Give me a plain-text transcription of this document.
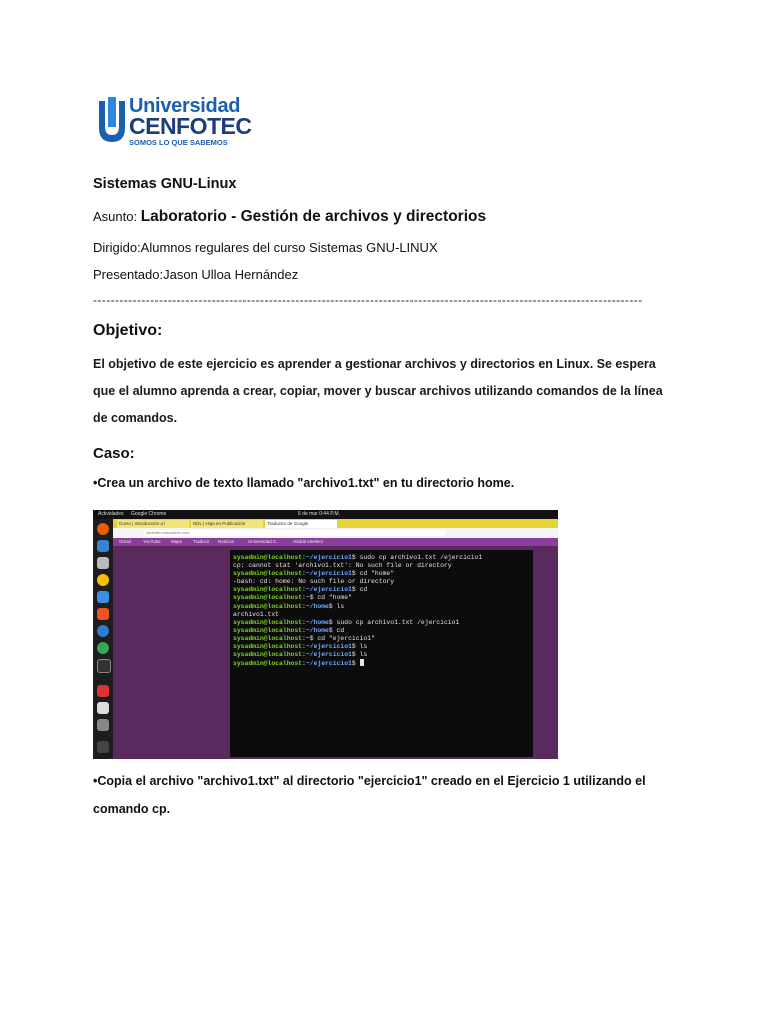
Universidad
CENFOTEC
SOMOS LO QUE SABEMOS
Sistemas GNU-Linux
Asunto: Laboratorio - Gestión de archivos y directorios
Dirigido:Alumnos regulares del curso Sistemas GNU-LINUX
Presentado:Jason Ulloa Hernández
-----------------------------------------------------------------------------------------------------------------------------
Objetivo:
El objetivo de este ejercicio es aprender a gestionar archivos y directorios en Linux. Se espera que el alumno aprenda a crear, copiar, mover y buscar archivos utilizando comandos de la línea de comandos.
Caso:
•Crea un archivo de texto llamado "archivo1.txt" en tu directorio home.
Actividades Google Chrome	6 de mar 0:44 P.M.
Curso | Introducción a l	NDL | Hoja en Publicación	Traductor de Google
cenfotec.instructure.com
Gmail	YouTube Maps Traducir Noticias	Universidad C.	Global Intellect
sysadmin@localhost:~/ejercicio1$ sudo cp archivo1.txt /ejercicio1
cp: cannot stat 'archivo1.txt': No such file or directory
sysadmin@localhost:~/ejercicio1$ cd "home"
-bash: cd: home: No such file or directory
sysadmin@localhost:~/ejercicio1$ cd
sysadmin@localhost:~$ cd "home"
sysadmin@localhost:~/home$ ls
archivo1.txt
sysadmin@localhost:~/home$ sudo cp archivo1.txt /ejercicio1
sysadmin@localhost:~/home$ cd
sysadmin@localhost:~$ cd "ejercicio1"
sysadmin@localhost:~/ejercicio1$ ls
sysadmin@localhost:~/ejercicio1$ ls
sysadmin@localhost:~/ejercicio1$
•Copia el archivo "archivo1.txt" al directorio "ejercicio1" creado en el Ejercicio 1 utilizando el comando cp.
